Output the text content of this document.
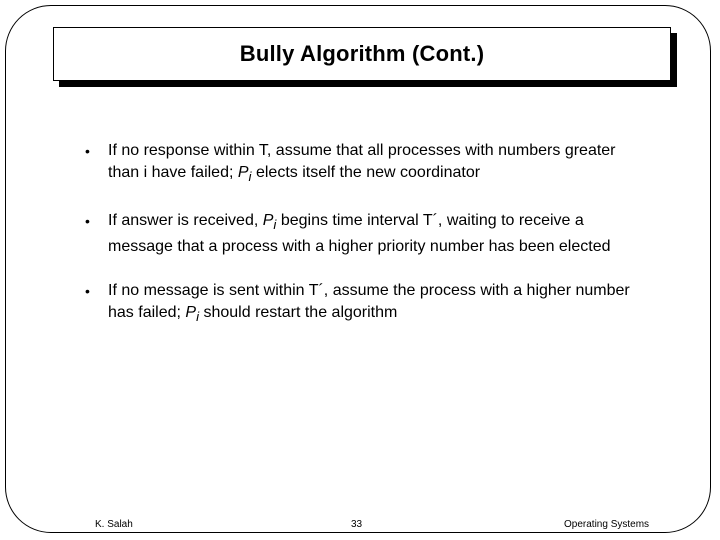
Bully Algorithm (Cont.)
• If no response within T, assume that all processes with numbers greater than i have failed; $P_i$ elects itself the new coordinator
• If answer is received, $P_i$ begins time interval T´, waiting to receive a message that a process with a higher priority number has been elected
• If no message is sent within T´, assume the process with a higher number has failed; $P_i$ should restart the algorithm
K. Salah	33	Operating Systems
